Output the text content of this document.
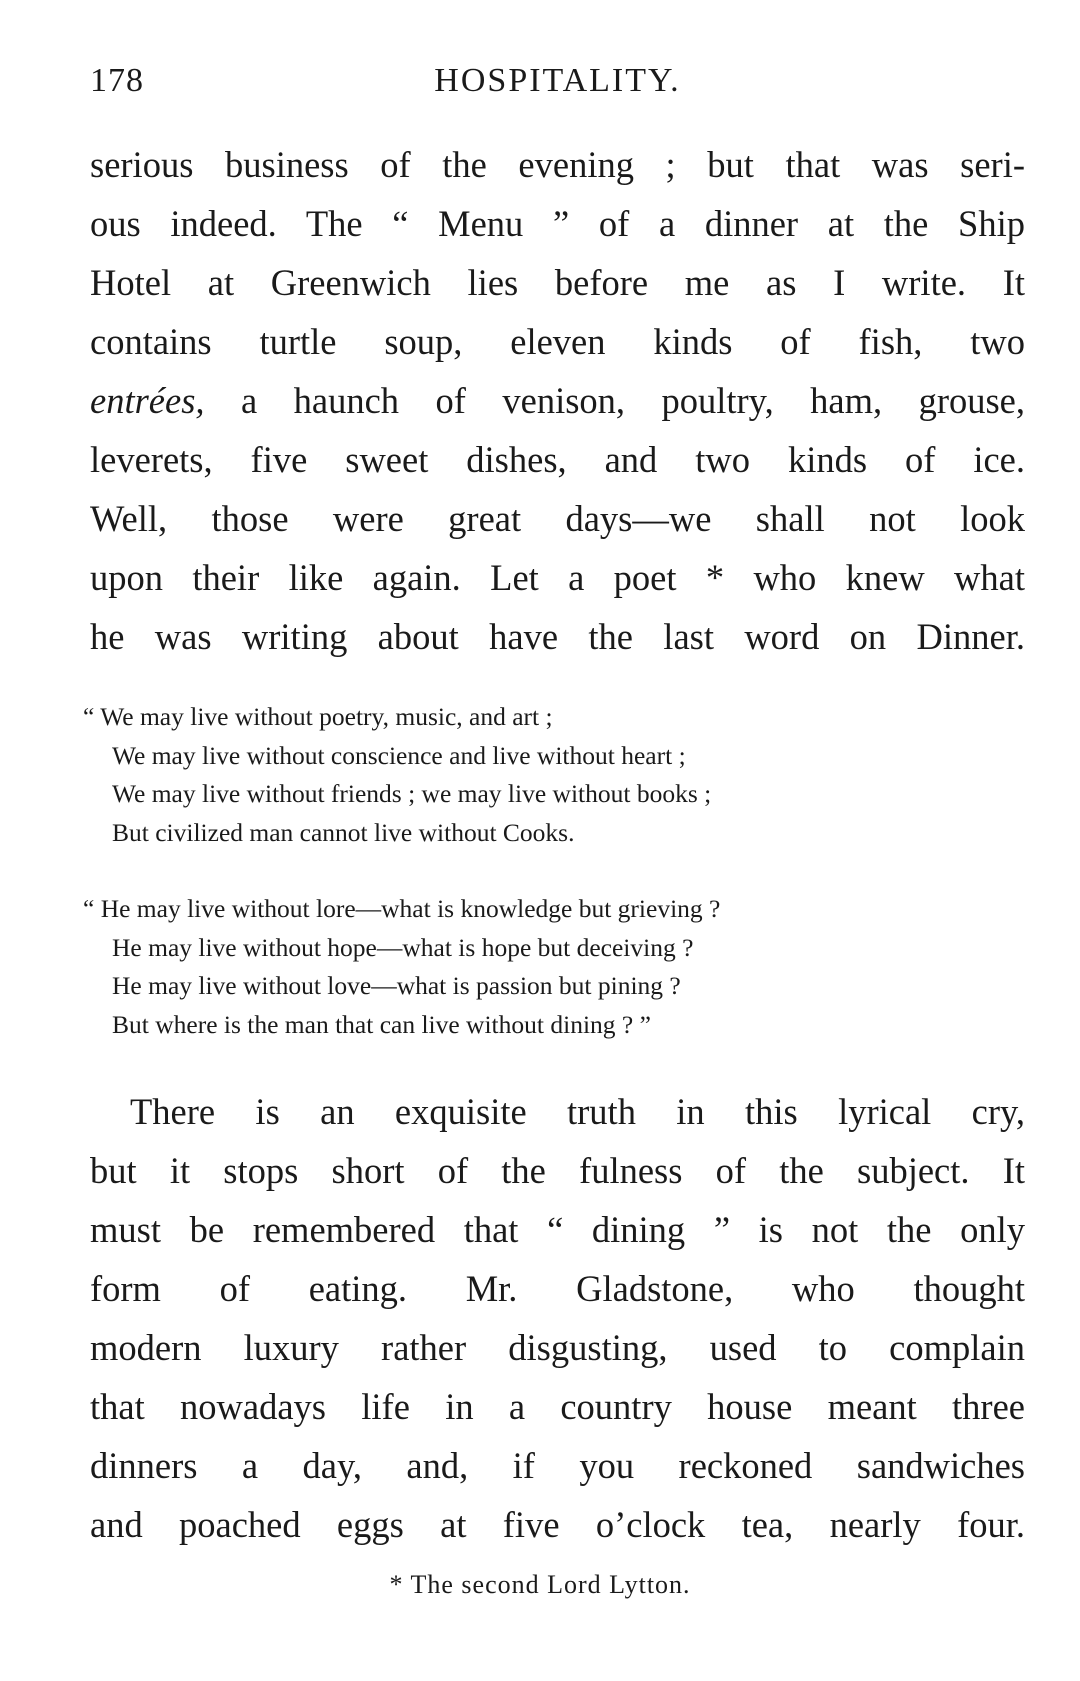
178	HOSPITALITY.
serious business of the evening ; but that was seri-
ous indeed. The “ Menu ” of a dinner at the Ship
Hotel at Greenwich lies before me as I write. It
contains turtle soup, eleven kinds of fish, two
entrées, a haunch of venison, poultry, ham, grouse,
leverets, five sweet dishes, and two kinds of ice.
Well, those were great days—we shall not look
upon their like again. Let a poet * who knew what
he was writing about have the last word on Dinner.
“ We may live without poetry, music, and art ;
We may live without conscience and live without heart ;
We may live without friends ; we may live without books ;
But civilized man cannot live without Cooks.
“ He may live without lore—what is knowledge but grieving ?
He may live without hope—what is hope but deceiving ?
He may live without love—what is passion but pining ?
But where is the man that can live without dining ? ”
There is an exquisite truth in this lyrical cry,
but it stops short of the fulness of the subject. It
must be remembered that “ dining ” is not the only
form of eating. Mr. Gladstone, who thought
modern luxury rather disgusting, used to complain
that nowadays life in a country house meant three
dinners a day, and, if you reckoned sandwiches
and poached eggs at five o’clock tea, nearly four.
* The second Lord Lytton.
